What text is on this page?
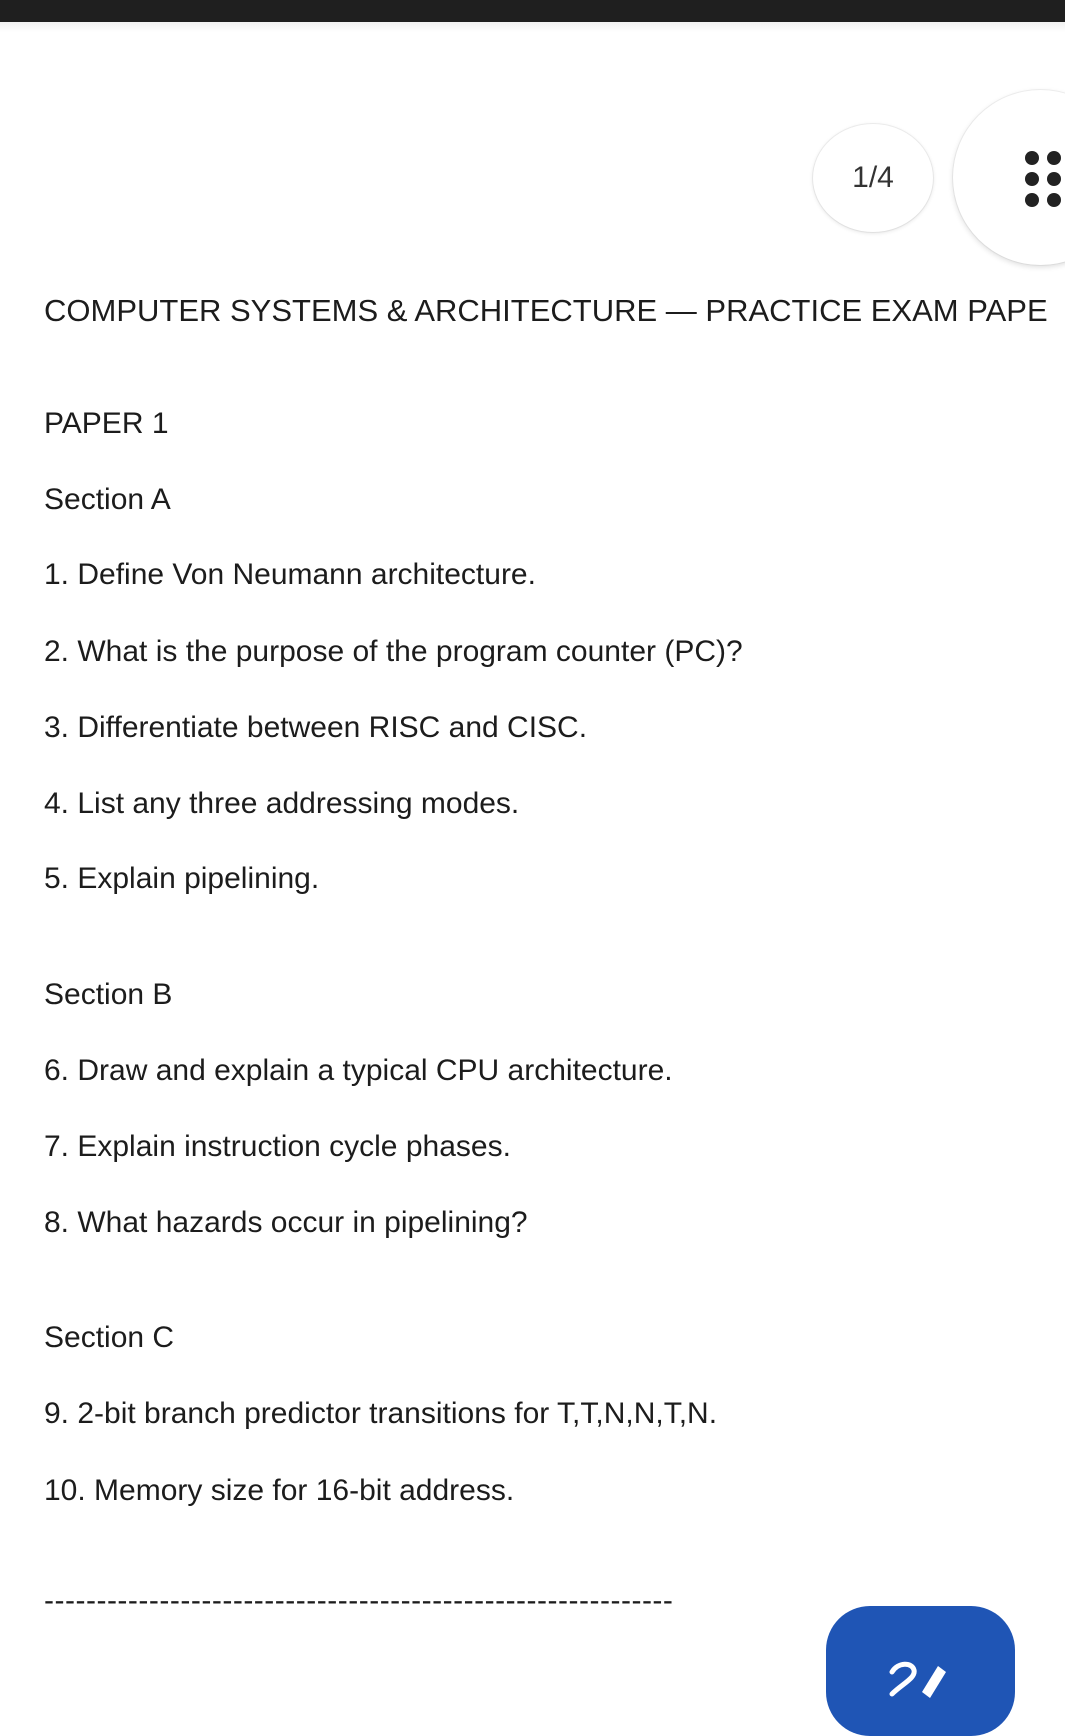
1/4
COMPUTER SYSTEMS & ARCHITECTURE — PRACTICE EXAM PAPE
PAPER 1
Section A
1. Define Von Neumann architecture.
2. What is the purpose of the program counter (PC)?
3. Differentiate between RISC and CISC.
4. List any three addressing modes.
5. Explain pipelining.
Section B
6. Draw and explain a typical CPU architecture.
7. Explain instruction cycle phases.
8. What hazards occur in pipelining?
Section C
9. 2-bit branch predictor transitions for T,T,N,N,T,N.
10. Memory size for 16-bit address.
------------------------------------------------------------
